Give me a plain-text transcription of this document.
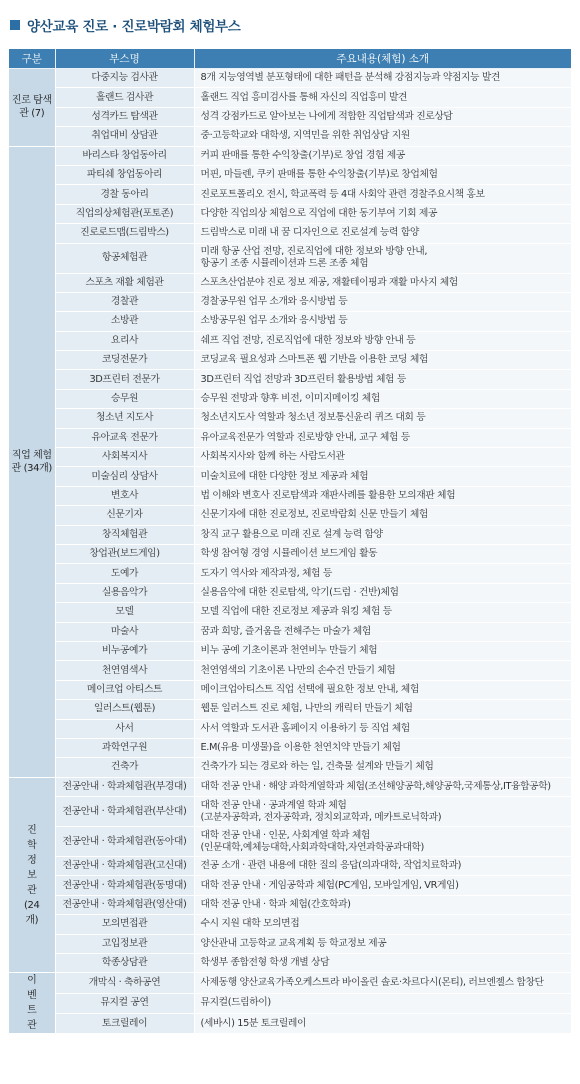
양산교육 진로 · 진로박람회 체험부스
구분	부스명	주요내용(체험) 소개
진로 탐색관 (7)	다중지능 검사관	8개 지능영역별 분포형태에 대한 패턴을 분석해 강점지능과 약점지능 발견

	홀랜드 검사관	홀랜드 직업 흥미검사를 통해 자신의 직업흥미 발견

	성격카드 탐색관	성격 강점카드로 알아보는 나에게 적합한 직업탐색과 진로상담

	취업대비 상담관	중·고등학교와 대학생, 지역민을 위한 취업상담 지원

직업 체험관 (34개)	바리스타 창업동아리	커피 판매를 통한 수익창출(기부)로 창업 경험 제공

	파티쉐 창업동아리	머핀, 마들렌, 쿠키 판매를 통한 수익창출(기부)로 창업체험

	경찰 동아리	진로포트폴리오 전시, 학교폭력 등 4대 사회악 관련 경찰주요시책 홍보

	직업의상체험관(포토존)	다양한 직업의상 체험으로 직업에 대한 동기부여 기회 제공

	진로로드맵(드림박스)	드림박스로 미래 내 꿈 디자인으로 진로설계 능력 함양

	항공체험관	미래 항공 산업 전망, 진로직업에 대한 정보와 방향 안내,
항공기 조종 시뮬레이션과 드론 조종 체험

	스포츠 재활 체험관	스포츠산업분야 진로 정보 제공, 재활테이핑과 재활 마사지 체험

	경찰관	경찰공무원 업무 소개와 응시방법 등

	소방관	소방공무원 업무 소개와 응시방법 등

	요리사	쉐프 직업 전망, 진로직업에 대한 정보와 방향 안내 등

	코딩전문가	코딩교육 필요성과 스마트폰 웹 기반을 이용한 코딩 체험

	3D프린터 전문가	3D프린터 직업 전망과 3D프린터 활용방법 체험 등

	승무원	승무원 전망과 향후 비전, 이미지메이킹 체험

	청소년 지도사	청소년지도사 역할과 청소년 정보통신윤리 퀴즈 대회 등

	유아교육 전문가	유아교육전문가 역할과 진로방향 안내, 교구 체험 등

	사회복지사	사회복지사와 함께 하는 사람도서관

	미술심리 상담사	미술치료에 대한 다양한 정보 제공과 체험

	변호사	법 이해와 변호사 진로탐색과 재판사례를 활용한 모의재판 체험

	신문기자	신문기자에 대한 진로정보, 진로박람회 신문 만들기 체험

	창직체험관	창직 교구 활용으로 미래 진로 설계 능력 함양

	창업관(보드게임)	학생 참여형 경영 시뮬레이션 보드게임 활동

	도예가	도자기 역사와 제작과정, 체험 등

	실용음악가	실용음악에 대한 진로탐색, 악기(드럼 · 건반)체험

	모델	모델 직업에 대한 진로정보 제공과 워킹 체험 등

	마술사	꿈과 희망, 즐거움을 전해주는 마술가 체험

	비누공예가	비누 공예 기초이론과 천연비누 만들기 체험

	천연염색사	천연염색의 기초이론 나만의 손수건 만들기 체험

	메이크업 아티스트	메이크업아티스트 직업 선택에 필요한 정보 안내, 체험

	일러스트(웹툰)	웹툰 일러스트 진로 체험, 나만의 캐릭터 만들기 체험

	사서	사서 역할과 도서관 홈페이지 이용하기 등 직업 체험

	과학연구원	E.M(유용 미생물)을 이용한 천연치약 만들기 체험

	건축가	건축가가 되는 경로와 하는 일, 건축물 설계와 만들기 체험

진 학 정 보 관 (24개)	전공안내 · 학과체험관(부경대)	대학 전공 안내 · 해양 과학계열학과 체험(조선해양공학,해양공학,국제통상,IT융합공학)

	전공안내 · 학과체험관(부산대)	대학 전공 안내 · 공과계열 학과 체험
(고분자공학과, 전자공학과, 정치외교학과, 메카트로닉학과)

	전공안내 · 학과체험관(동아대)	대학 전공 안내 · 인문, 사회계열 학과 체험
(인문대학,예체능대학,사회과학대학,자연과학공과대학)

	전공안내 · 학과체험관(고신대)	전공 소개 · 관련 내용에 대한 질의 응답(의과대학, 작업치료학과)

	전공안내 · 학과체험관(동명대)	대학 전공 안내 · 게임공학과 체험(PC게임, 모바일게임, VR게임)

	전공안내 · 학과체험관(영산대)	대학 전공 안내 · 학과 체험(간호학과)

	모의면접관	수시 지원 대학 모의면접

	고입정보관	양산관내 고등학교 교육계획 등 학교정보 제공

	학종상담관	학생부 종합전형 학생 개별 상담

이 벤 트 관	개막식 · 축하공연	사제동행 양산교육가족오케스트라 바이올린 솔로·차르다시(몬티), 러브엔젤스 합창단

	뮤지컬 공연	뮤지컬(드림하이)

	토크릴레이	(세바시) 15분 토크릴레이
